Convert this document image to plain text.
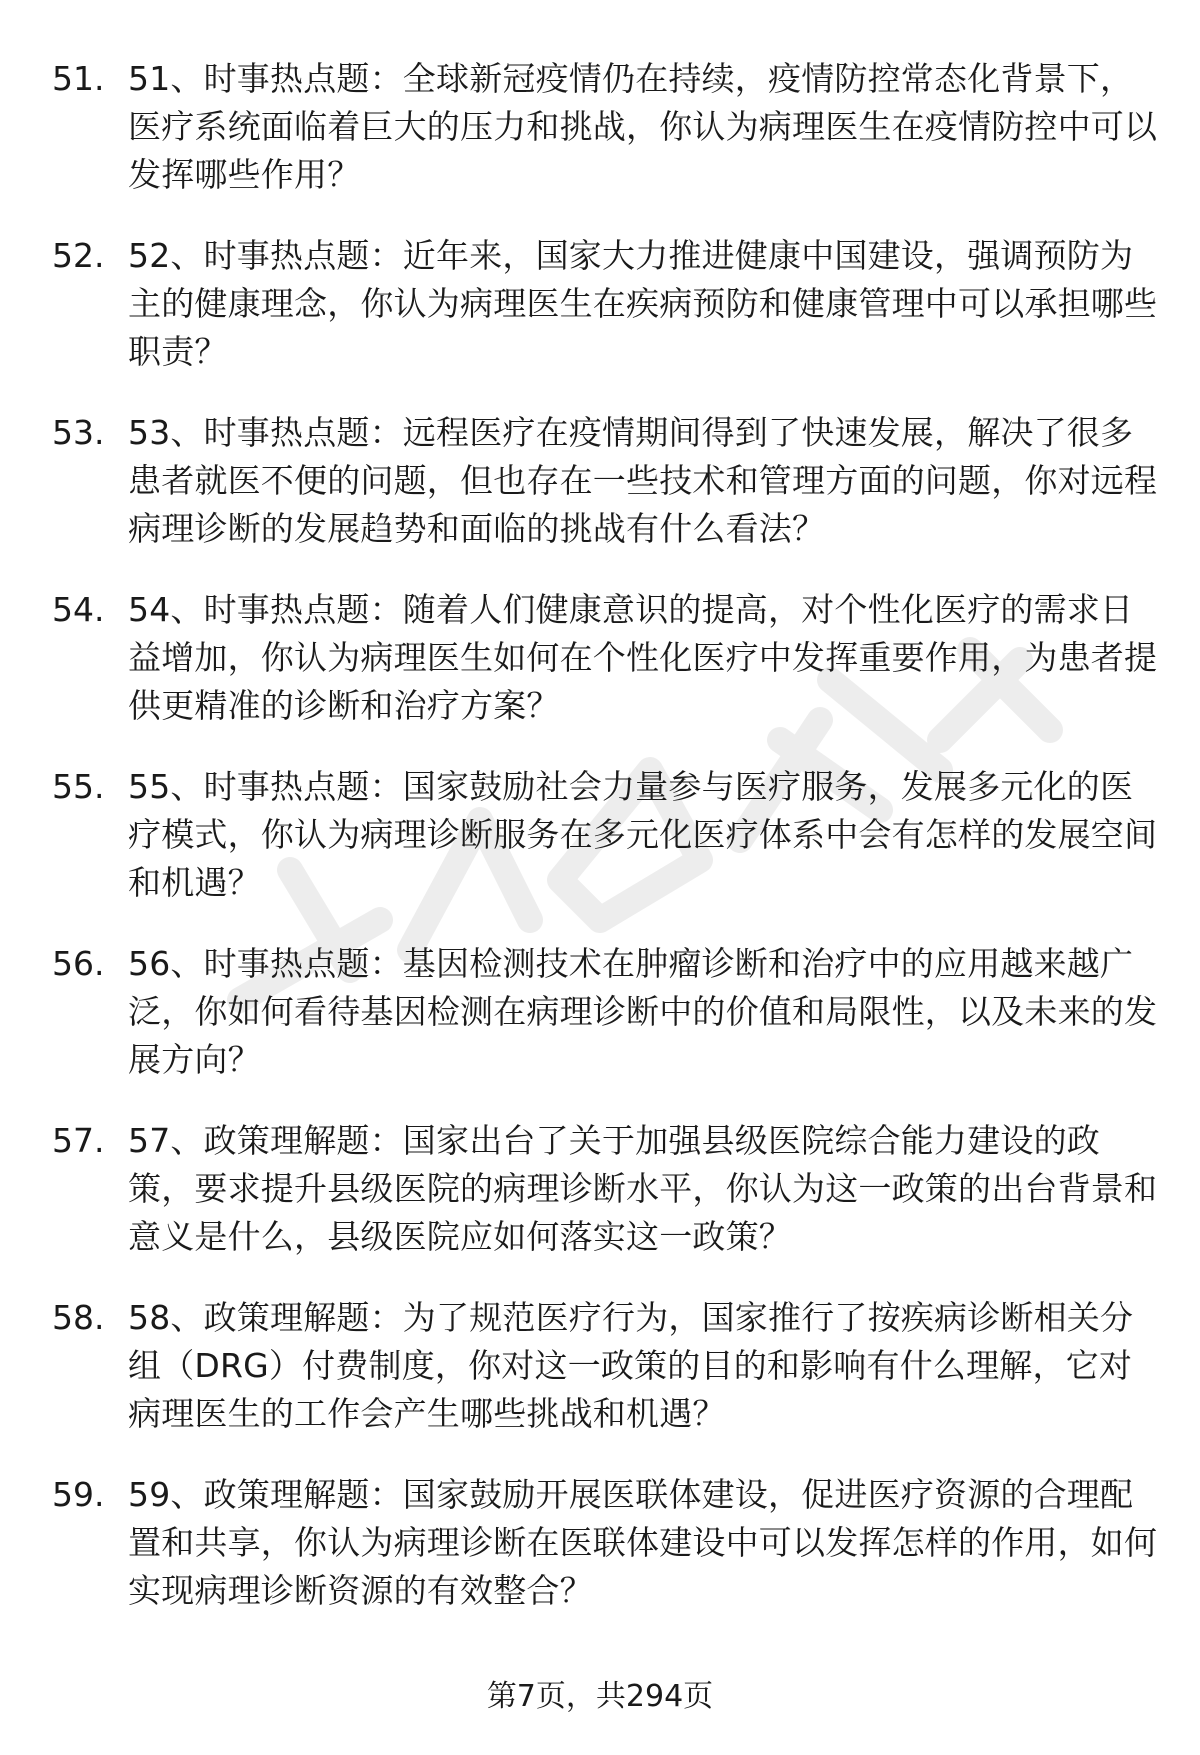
51. 51、时事热点题：全球新冠疫情仍在持续，疫情防控常态化背景下，医疗系统面临着巨大的压力和挑战，你认为病理医生在疫情防控中可以发挥哪些作用？
52. 52、时事热点题：近年来，国家大力推进健康中国建设，强调预防为主的健康理念，你认为病理医生在疾病预防和健康管理中可以承担哪些职责？
53. 53、时事热点题：远程医疗在疫情期间得到了快速发展，解决了很多患者就医不便的问题，但也存在一些技术和管理方面的问题，你对远程病理诊断的发展趋势和面临的挑战有什么看法？
54. 54、时事热点题：随着人们健康意识的提高，对个性化医疗的需求日益增加，你认为病理医生如何在个性化医疗中发挥重要作用，为患者提供更精准的诊断和治疗方案？
55. 55、时事热点题：国家鼓励社会力量参与医疗服务，发展多元化的医疗模式，你认为病理诊断服务在多元化医疗体系中会有怎样的发展空间和机遇？
56. 56、时事热点题：基因检测技术在肿瘤诊断和治疗中的应用越来越广泛，你如何看待基因检测在病理诊断中的价值和局限性，以及未来的发展方向？
57. 57、政策理解题：国家出台了关于加强县级医院综合能力建设的政策，要求提升县级医院的病理诊断水平，你认为这一政策的出台背景和意义是什么，县级医院应如何落实这一政策？
58. 58、政策理解题：为了规范医疗行为，国家推行了按疾病诊断相关分组（DRG）付费制度，你对这一政策的目的和影响有什么理解，它对病理医生的工作会产生哪些挑战和机遇？
59. 59、政策理解题：国家鼓励开展医联体建设，促进医疗资源的合理配置和共享，你认为病理诊断在医联体建设中可以发挥怎样的作用，如何实现病理诊断资源的有效整合？
第7页，共294页
